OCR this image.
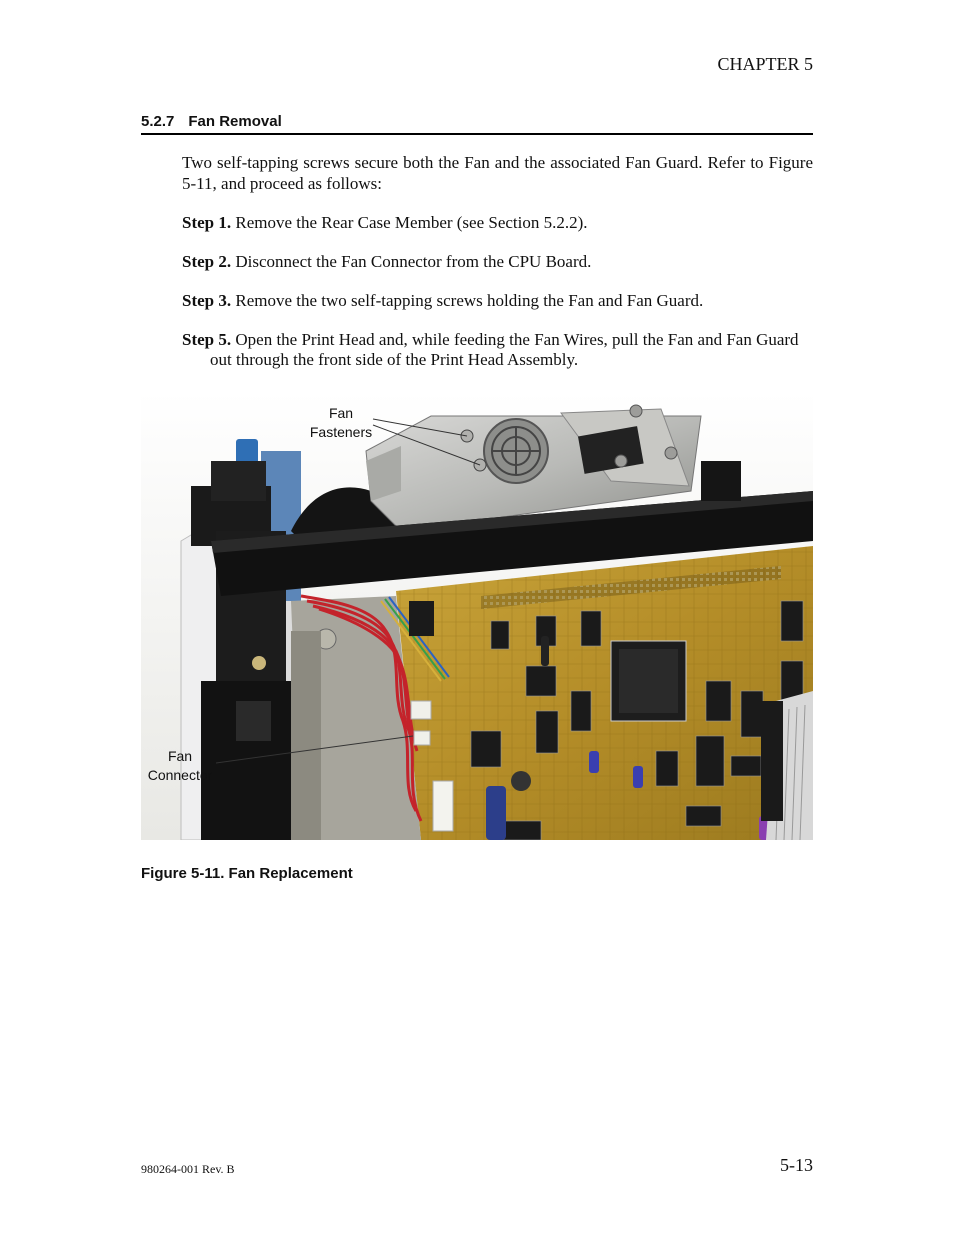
CHAPTER 5
5.2.7 Fan Removal
Two self-tapping screws secure both the Fan and the associated Fan Guard. Refer to Figure 5-11, and proceed as follows:
Step 1. Remove the Rear Case Member (see Section 5.2.2).
Step 2. Disconnect the Fan Connector from the CPU Board.
Step 3. Remove the two self-tapping screws holding the Fan and Fan Guard.
Step 5. Open the Print Head and, while feeding the Fan Wires, pull the Fan and Fan Guard out through the front side of the Print Head Assembly.
Fan
Fasteners
Fan
Connector
Figure 5-11. Fan Replacement
980264-001 Rev. B	5-13
